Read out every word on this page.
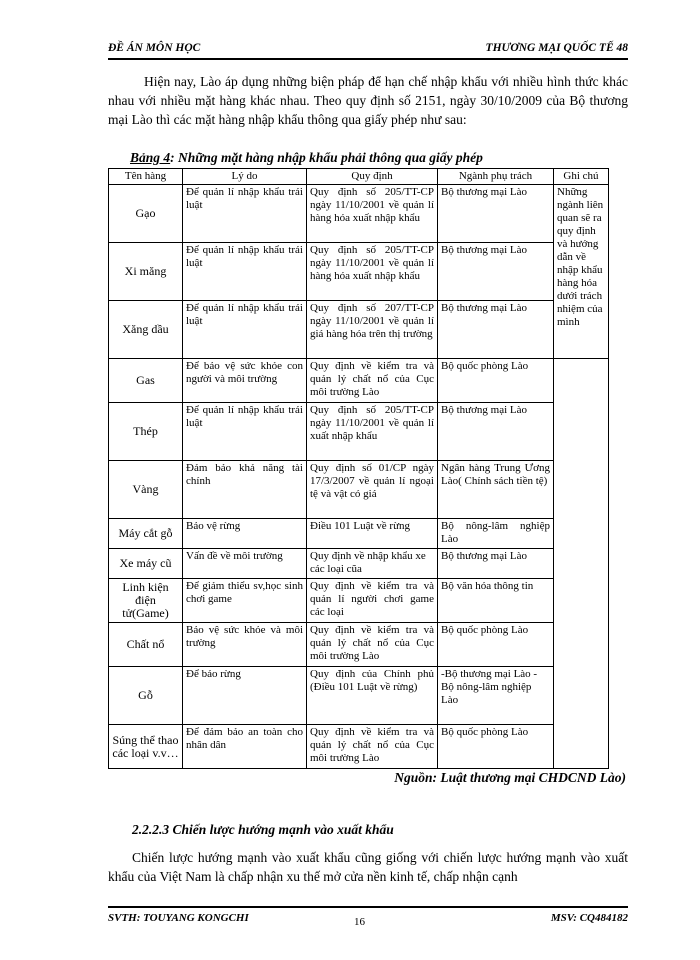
ĐỀ ÁN MÔN HỌC	THƯƠNG MẠI QUỐC TẾ 48

Hiện nay, Lào áp dụng những biện pháp để hạn chế nhập khẩu với nhiều hình thức khác nhau với nhiều mặt hàng khác nhau. Theo quy định số 2151, ngày 30/10/2009 của Bộ thương mại Lào thì các mặt hàng nhập khẩu thông qua giấy phép như sau:

Bảng 4: Những mặt hàng nhập khẩu phải thông qua giấy phép
Tên hàng	Lý do	Quy định	Ngành phụ trách	Ghi chú
Gạo	Để quản lí nhập khẩu trái luật	Quy định số 205/TT-CP ngày 11/10/2001 về quản lí hàng hóa xuất nhập khẩu	Bộ thương mại Lào	Những ngành liên quan sẽ ra quy định và hướng dẫn về nhập khẩu hàng hóa dưới trách nhiệm của mình
Xi măng	Để quản lí nhập khẩu trái luật	Quy định số 205/TT-CP ngày 11/10/2001 về quản lí hàng hóa xuất nhập khẩu	Bộ thương mại Lào	
Xăng dầu	Để quản lí nhập khẩu trái luật	Quy định số 207/TT-CP ngày 11/10/2001 về quản lí giá hàng hóa trên thị trường	Bộ thương mại Lào	
Gas	Để bảo vệ sức khỏe con người và môi trường	Quy định về kiểm tra và quản lý chất nổ của Cục môi trường Lào	Bộ quốc phòng Lào	
Thép	Để quản lí nhập khẩu trái luật	Quy định số 205/TT-CP ngày 11/10/2001 về quản lí xuất nhập khẩu	Bộ thương mại Lào	
Vàng	Đảm bảo khả năng tài chính	Quy định số 01/CP ngày 17/3/2007 về quản lí ngoại tệ và vật có giá	Ngân hàng Trung Ương Lào( Chính sách tiền tệ)	
Máy cắt gỗ	Bảo vệ rừng	Điều 101 Luật về rừng	Bộ nông-lâm nghiệp Lào	
Xe máy cũ	Vấn đề về môi trường	Quy định về nhập khẩu xe các loại cũa	Bộ thương mại Lào	
Linh kiện điện tử(Game)	Để giảm thiểu sv,học sinh chơi game	Quy định về kiểm tra và quản lí người chơi game các loại	Bộ văn hóa thông tin	
Chất nổ	Bảo vệ sức khỏe và môi trường	Quy định về kiểm tra và quản lý chất nổ của Cục môi trường Lào	Bộ quốc phòng Lào	
Gỗ	Để bảo rừng	Quy định của Chính phủ (Điều 101 Luật về rừng)	-Bộ thương mại Lào - Bộ nông-lâm nghiệp Lào	
Súng thể thao các loại v.v…	Để đảm bảo an toàn cho nhân dân	Quy định về kiểm tra và quản lý chất nổ của Cục môi trường Lào	Bộ quốc phòng Lào	
Nguồn: Luật thương mại CHDCND Lào)
2.2.2.3 Chiến lược hướng mạnh vào xuất khẩu

Chiến lược hướng mạnh vào xuất khẩu cũng giống với chiến lược hướng mạnh vào xuất khẩu của Việt Nam là chấp nhận xu thế mở cửa nền kinh tế, chấp nhận cạnh

SVTH: TOUYANG KONGCHI	16	MSV: CQ484182
